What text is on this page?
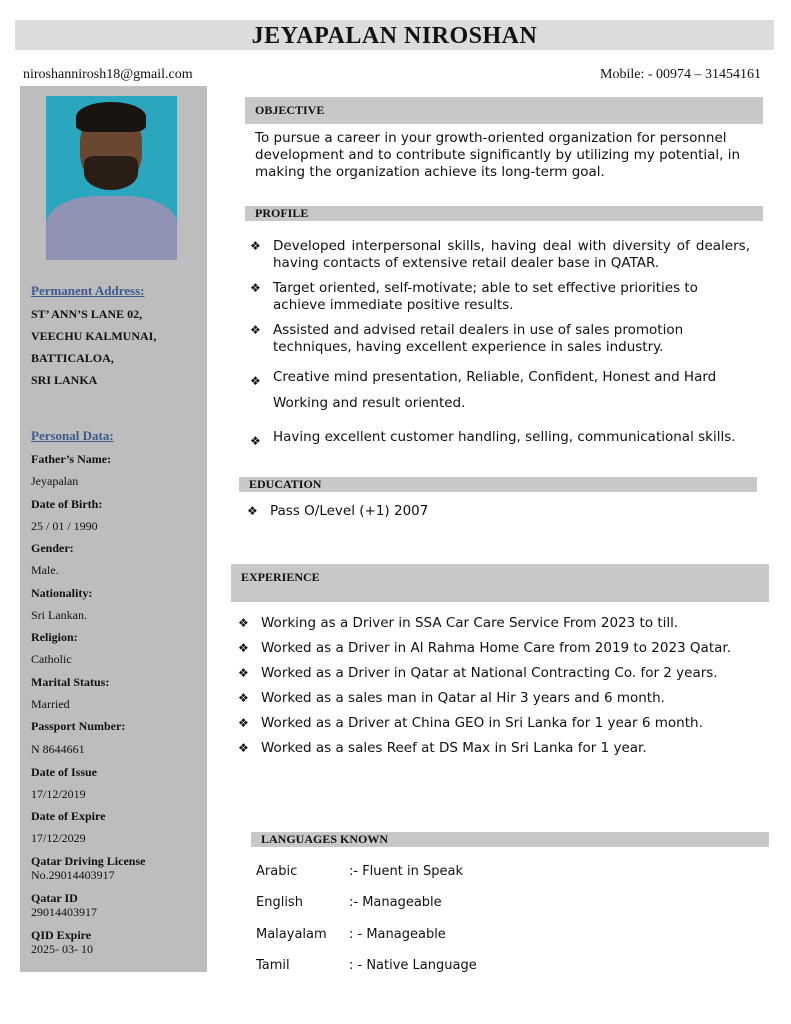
JEYAPALAN NIROSHAN
niroshannirosh18@gmail.com	Mobile: - 00974 – 31454161
Permanent Address:
ST’ ANN’S LANE 02,
VEECHU KALMUNAI,
BATTICALOA,
SRI LANKA
Personal Data:
Father’s Name:
Jeyapalan
Date of Birth:
25 / 01 / 1990
Gender:
Male.
Nationality:
Sri Lankan.
Religion:
Catholic
Marital Status:
Married
Passport Number:
N 8644661
Date of Issue
17/12/2019
Date of Expire
17/12/2029
Qatar Driving License
No.29014403917
Qatar ID
29014403917
QID Expire
2025- 03- 10
OBJECTIVE
To pursue a career in your growth-oriented organization for personnel development and to contribute significantly by utilizing my potential, in making the organization achieve its long-term goal.
PROFILE
❖ Developed interpersonal skills, having deal with diversity of dealers, having contacts of extensive retail dealer base in QATAR.
❖ Target oriented, self-motivate; able to set effective priorities to achieve immediate positive results.
❖ Assisted and advised retail dealers in use of sales promotion techniques, having excellent experience in sales industry.
❖ Creative mind presentation, Reliable, Confident, Honest and Hard Working and result oriented.
❖ Having excellent customer handling, selling, communicational skills.
EDUCATION
❖ Pass O/Level (+1) 2007
EXPERIENCE
❖ Working as a Driver in SSA Car Care Service From 2023 to till.
❖ Worked as a Driver in Al Rahma Home Care from 2019 to 2023 Qatar.
❖ Worked as a Driver in Qatar at National Contracting Co. for 2 years.
❖ Worked as a sales man in Qatar al Hir 3 years and 6 month.
❖ Worked as a Driver at China GEO in Sri Lanka for 1 year 6 month.
❖ Worked as a sales Reef at DS Max in Sri Lanka for 1 year.
LANGUAGES KNOWN
Arabic	:- Fluent in Speak
English	:- Manageable
Malayalam : - Manageable
Tamil	: - Native Language
